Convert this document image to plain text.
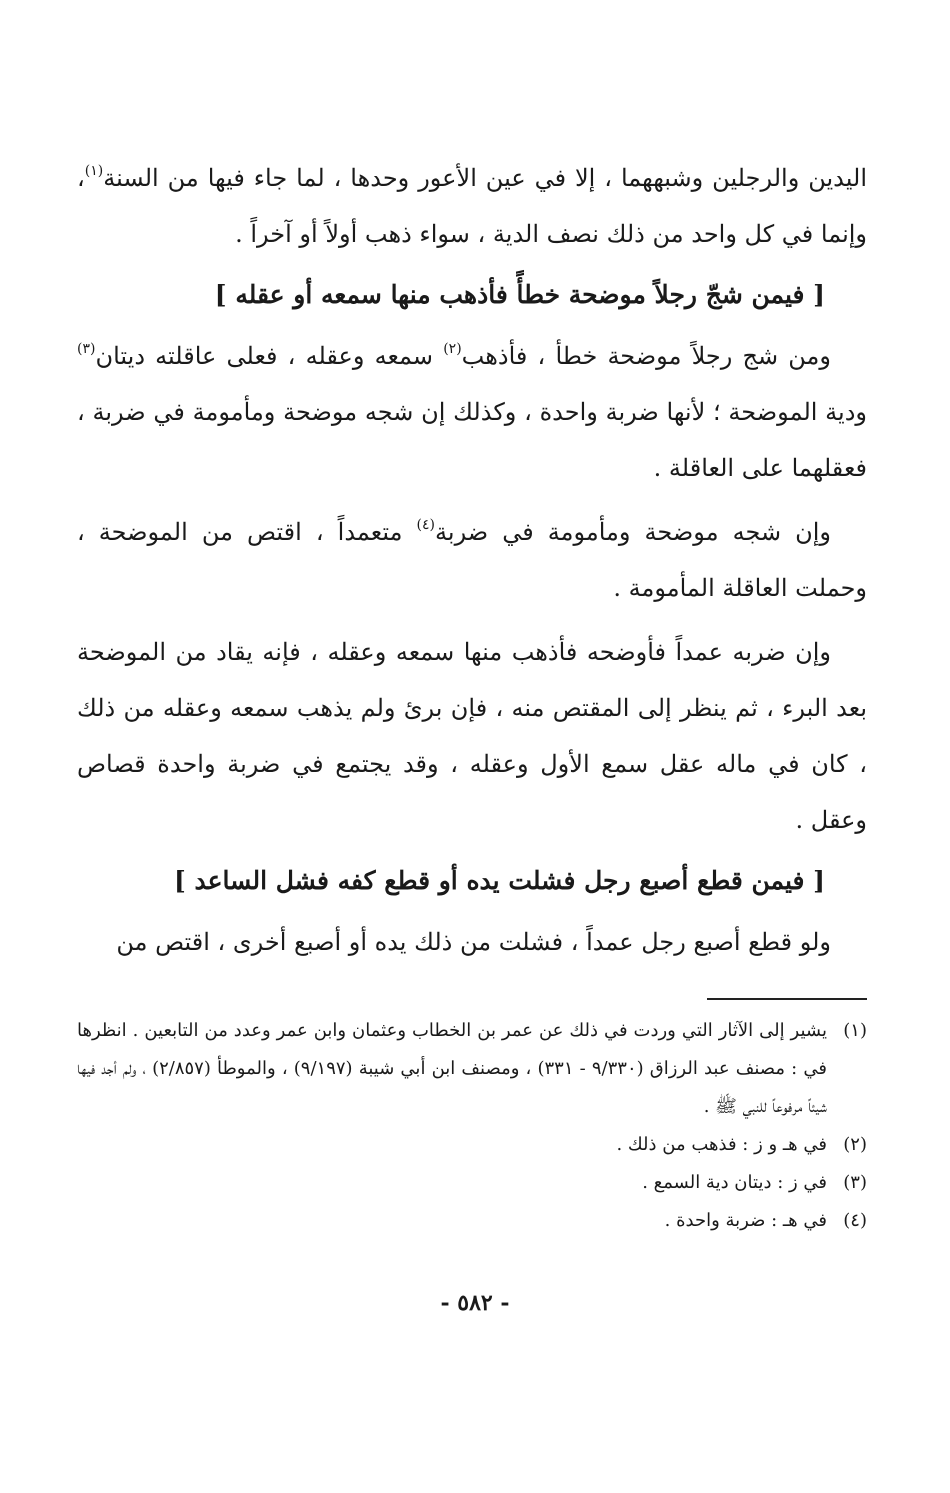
اليدين والرجلين وشبههما ، إلا في عين الأعور وحدها ، لما جاء فيها من السنة$^{(١)}$، وإنما في كل واحد من ذلك نصف الدية ، سواء ذهب أولاً أو آخراً .

[ فيمن شجّ رجلاً موضحة خطأً فأذهب منها سمعه أو عقله ]

ومن شج رجلاً موضحة خطأ ، فأذهب$^{(٢)}$ سمعه وعقله ، فعلى عاقلته ديتان$^{(٣)}$ ودية الموضحة ؛ لأنها ضربة واحدة ، وكذلك إن شجه موضحة ومأمومة في ضربة ، فعقلهما على العاقلة .

وإن شجه موضحة ومأمومة في ضربة$^{(٤)}$ متعمداً ، اقتص من الموضحة ، وحملت العاقلة المأمومة .

وإن ضربه عمداً فأوضحه فأذهب منها سمعه وعقله ، فإنه يقاد من الموضحة بعد البرء ، ثم ينظر إلى المقتص منه ، فإن برئ ولم يذهب سمعه وعقله من ذلك ، كان في ماله عقل سمع الأول وعقله ، وقد يجتمع في ضربة واحدة قصاص وعقل .

[ فيمن قطع أصبع رجل فشلت يده أو قطع كفه فشل الساعد ]

ولو قطع أصبع رجل عمداً ، فشلت من ذلك يده أو أصبع أخرى ، اقتص من

(١)
يشير إلى الآثار التي وردت في ذلك عن عمر بن الخطاب وعثمان وابن عمر وعدد من التابعين . انظرها في : مصنف عبد الرزاق (٩/٣٣٠ - ٣٣١) ، ومصنف ابن أبي شيبة (٩/١٩٧) ، والموطأ (٢/٨٥٧) ، ولم أجد فيها شيئاً مرفوعاً للنبي ﷺ .
(٢)
في هـ و ز : فذهب من ذلك .
(٣)
في ز : ديتان دية السمع .
(٤)
في هـ : ضربة واحدة .
- ٥٨٢ -
